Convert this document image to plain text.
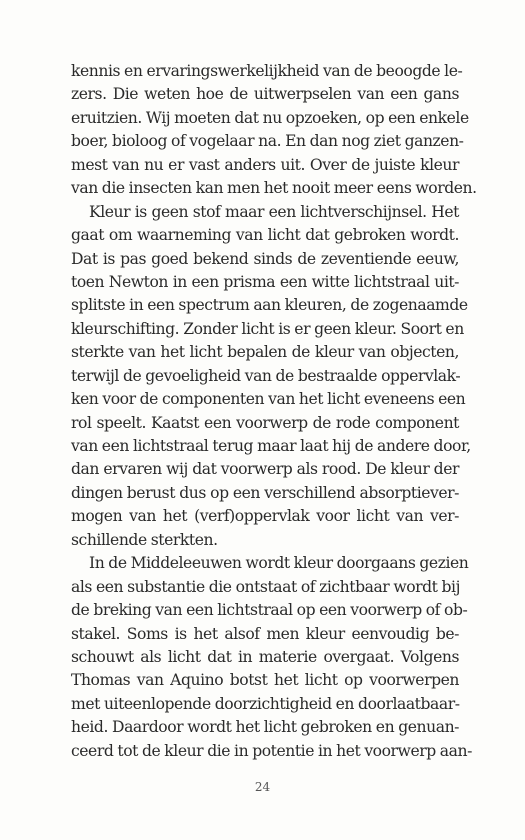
kennis en ervaringswerkelijkheid van de beoogde le-
zers. Die weten hoe de uitwerpselen van een gans
eruitzien. Wij moeten dat nu opzoeken, op een enkele
boer, bioloog of vogelaar na. En dan nog ziet ganzen-
mest van nu er vast anders uit. Over de juiste kleur
van die insecten kan men het nooit meer eens worden.
Kleur is geen stof maar een lichtverschijnsel. Het
gaat om waarneming van licht dat gebroken wordt.
Dat is pas goed bekend sinds de zeventiende eeuw,
toen Newton in een prisma een witte lichtstraal uit-
splitste in een spectrum aan kleuren, de zogenaamde
kleurschifting. Zonder licht is er geen kleur. Soort en
sterkte van het licht bepalen de kleur van objecten,
terwijl de gevoeligheid van de bestraalde oppervlak-
ken voor de componenten van het licht eveneens een
rol speelt. Kaatst een voorwerp de rode component
van een lichtstraal terug maar laat hij de andere door,
dan ervaren wij dat voorwerp als rood. De kleur der
dingen berust dus op een verschillend absorptiever-
mogen van het (verf)oppervlak voor licht van ver-
schillende sterkten.
In de Middeleeuwen wordt kleur doorgaans gezien
als een substantie die ontstaat of zichtbaar wordt bij
de breking van een lichtstraal op een voorwerp of ob-
stakel. Soms is het alsof men kleur eenvoudig be-
schouwt als licht dat in materie overgaat. Volgens
Thomas van Aquino botst het licht op voorwerpen
met uiteenlopende doorzichtigheid en doorlaatbaar-
heid. Daardoor wordt het licht gebroken en genuan-
ceerd tot de kleur die in potentie in het voorwerp aan-
24
